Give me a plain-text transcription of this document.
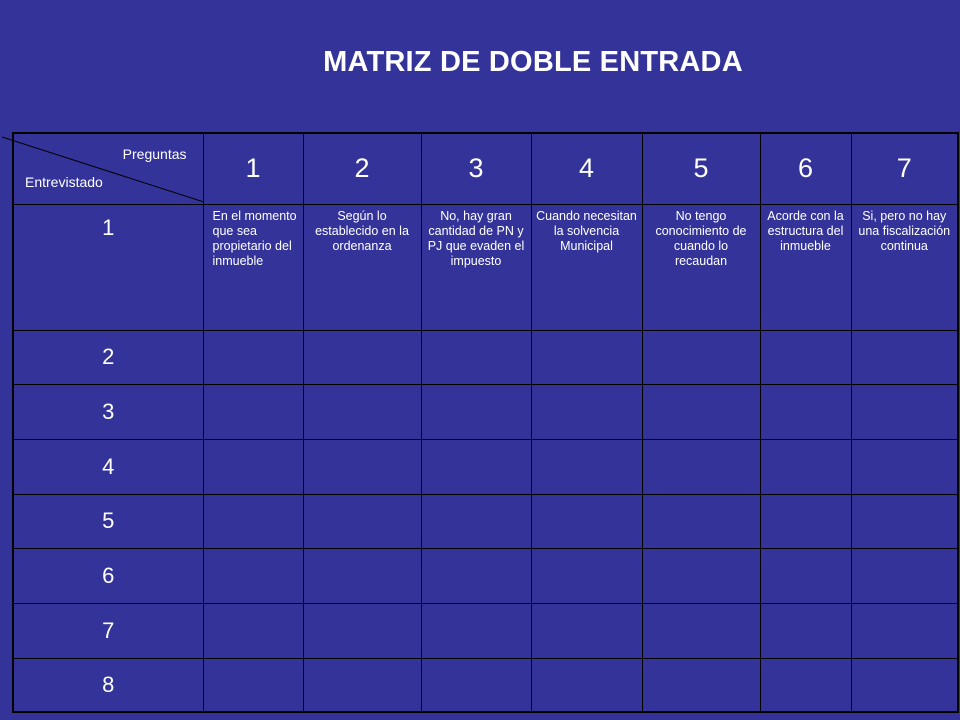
MATRIZ DE DOBLE ENTRADA
Preguntas
Entrevistado	1	2	3	4	5	6	7
1	En el momento que sea propietario del inmueble	Según lo establecido en la ordenanza	No, hay gran cantidad de PN y PJ que evaden el impuesto	Cuando necesitan la solvencia Municipal	No tengo conocimiento de cuando lo recaudan	Acorde con la estructura del inmueble	Si, pero no hay una fiscalización continua
2							
3							
4							
5							
6							
7							
8							
